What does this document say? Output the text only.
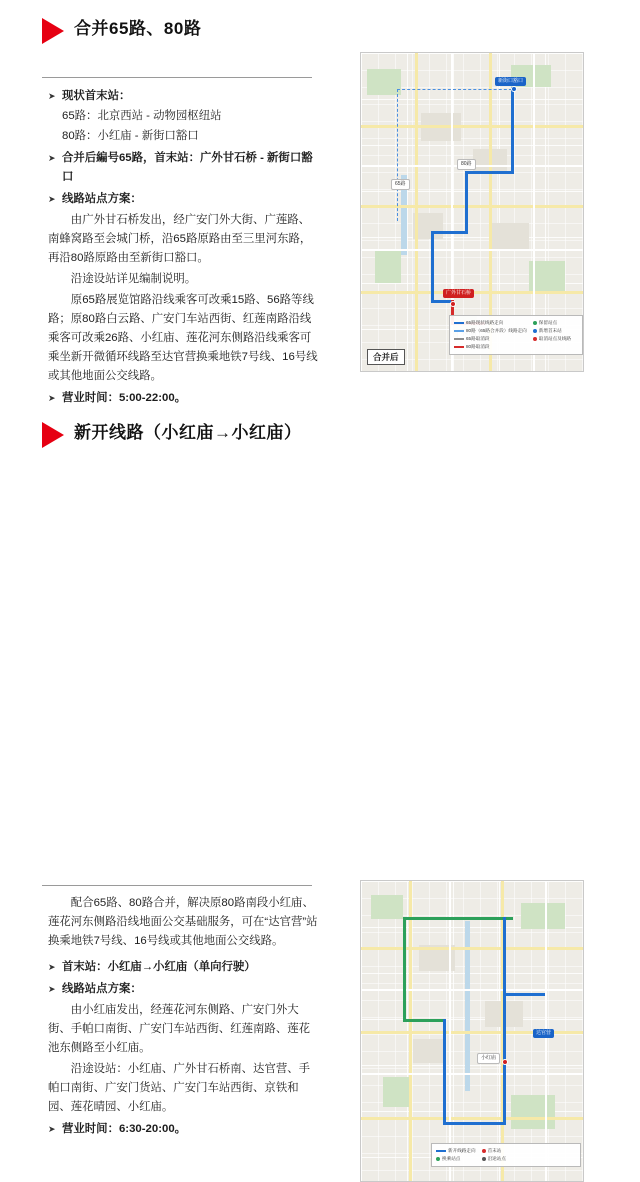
合并65路、80路
➤ 现状首末站：
65路：北京西站 - 动物园枢纽站
80路：小红庙 - 新街口豁口
➤ 合并后編号65路，首末站：广外甘石桥 - 新街口豁口
➤ 线路站点方案：
由广外甘石桥发出，经广安门外大街、广莲路、南蜂窝路至会城门桥，沿65路原路由至三里河东路，再沿80路原路由至新街口豁口。
沿途设站详见编制说明。
原65路展览馆路沿线乘客可改乘15路、56路等线路；原80路白云路、广安门车站西街、红莲南路沿线乘客可改乘26路、小红庙、莲花河东侧路沿线乘客可乘坐新开微循环线路至达官营换乘地铁7号线、16号线或其他地面公交线路。
➤ 营业时间：5:00-22:00。
新街口豁口
广外甘石桥
65路
80路
65路现状线路走向
80路（65路合并段）线路走向
65路取消段
80路取消段
保留站点
新增首末站
取消站点及线路
合并后
新开线路（小红庙→小红庙）
配合65路、80路合并，解决原80路南段小红庙、莲花河东侧路沿线地面公交基础服务，可在“达官营”站换乘地铁7号线、16号线或其他地面公交线路。
➤ 首末站：小红庙→小红庙（单向行驶）
➤ 线路站点方案：
由小红庙发出，经莲花河东侧路、广安门外大街、手帕口南街、广安门车站西街、红莲南路、莲花池东侧路至小红庙。
沿途设站：小红庙、广外甘石桥南、达官营、手帕口南街、广安门货站、广安门车站西街、京铁和园、莲花晴园、小红庙。
➤ 营业时间：6:30-20:00。
小红庙
达官营
新开线路走向
换乘站点
首末站
沿途站点
